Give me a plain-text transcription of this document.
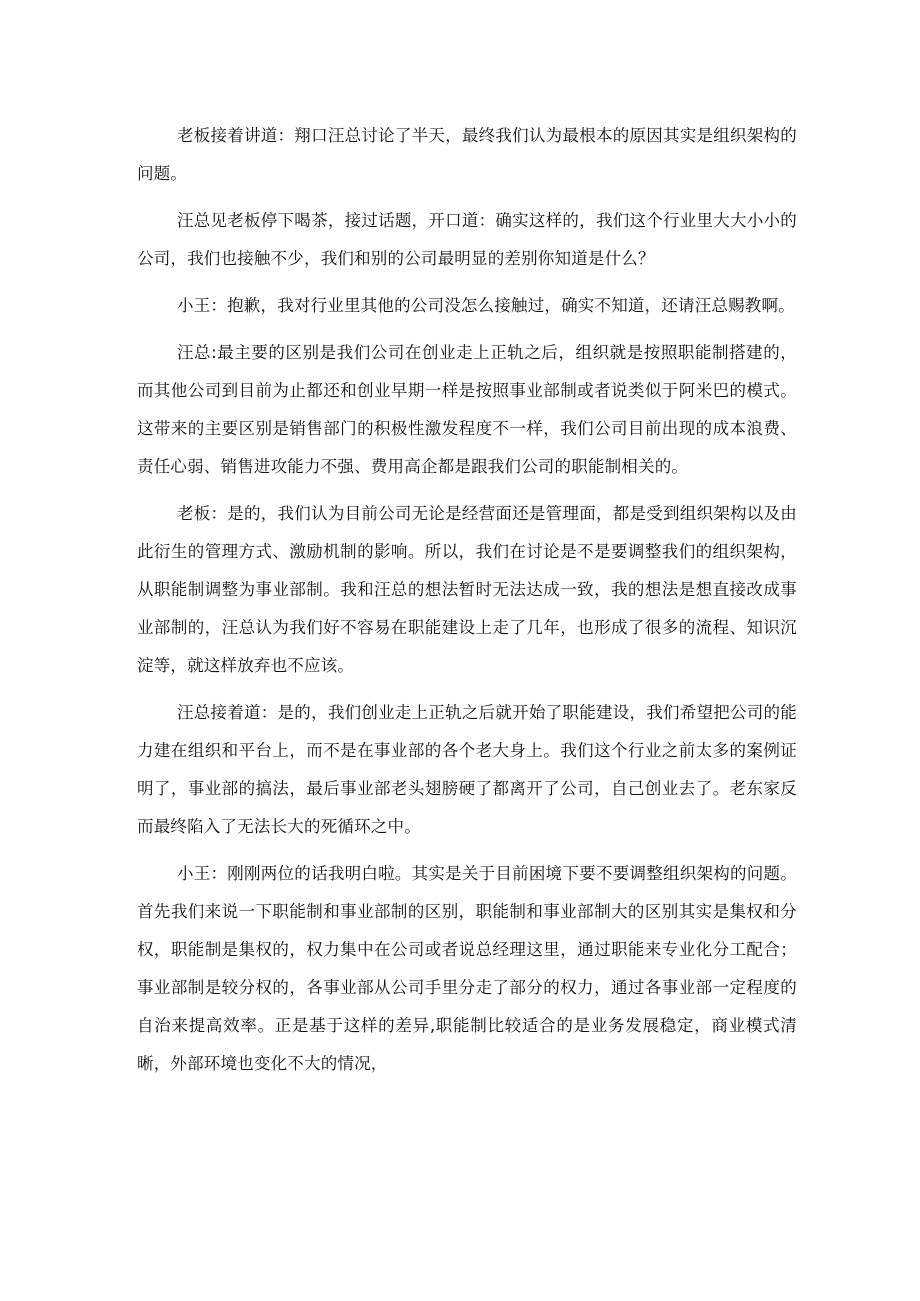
老板接着讲道：翔口汪总讨论了半天，最终我们认为最根本的原因其实是组织架构的问题。

汪总见老板停下喝茶，接过话题，开口道：确实这样的，我们这个行业里大大小小的公司，我们也接触不少，我们和别的公司最明显的差别你知道是什么？

小王：抱歉，我对行业里其他的公司没怎么接触过，确实不知道，还请汪总赐教啊。

汪总:最主要的区别是我们公司在创业走上正轨之后，组织就是按照职能制搭建的，而其他公司到目前为止都还和创业早期一样是按照事业部制或者说类似于阿米巴的模式。这带来的主要区别是销售部门的积极性激发程度不一样，我们公司目前出现的成本浪费、责任心弱、销售进攻能力不强、费用高企都是跟我们公司的职能制相关的。

老板：是的，我们认为目前公司无论是经营面还是管理面，都是受到组织架构以及由此衍生的管理方式、激励机制的影响。所以，我们在讨论是不是要调整我们的组织架构，从职能制调整为事业部制。我和汪总的想法暂时无法达成一致，我的想法是想直接改成事业部制的，汪总认为我们好不容易在职能建设上走了几年，也形成了很多的流程、知识沉淀等，就这样放弃也不应该。

汪总接着道：是的，我们创业走上正轨之后就开始了职能建设，我们希望把公司的能力建在组织和平台上，而不是在事业部的各个老大身上。我们这个行业之前太多的案例证明了，事业部的搞法，最后事业部老头翅膀硬了都离开了公司，自己创业去了。老东家反而最终陷入了无法长大的死循环之中。

小王：刚刚两位的话我明白啦。其实是关于目前困境下要不要调整组织架构的问题。首先我们来说一下职能制和事业部制的区别，职能制和事业部制大的区别其实是集权和分权，职能制是集权的，权力集中在公司或者说总经理这里，通过职能来专业化分工配合；事业部制是较分权的，各事业部从公司手里分走了部分的权力，通过各事业部一定程度的自治来提高效率。正是基于这样的差异,职能制比较适合的是业务发展稳定，商业模式清晰，外部环境也变化不大的情况，
